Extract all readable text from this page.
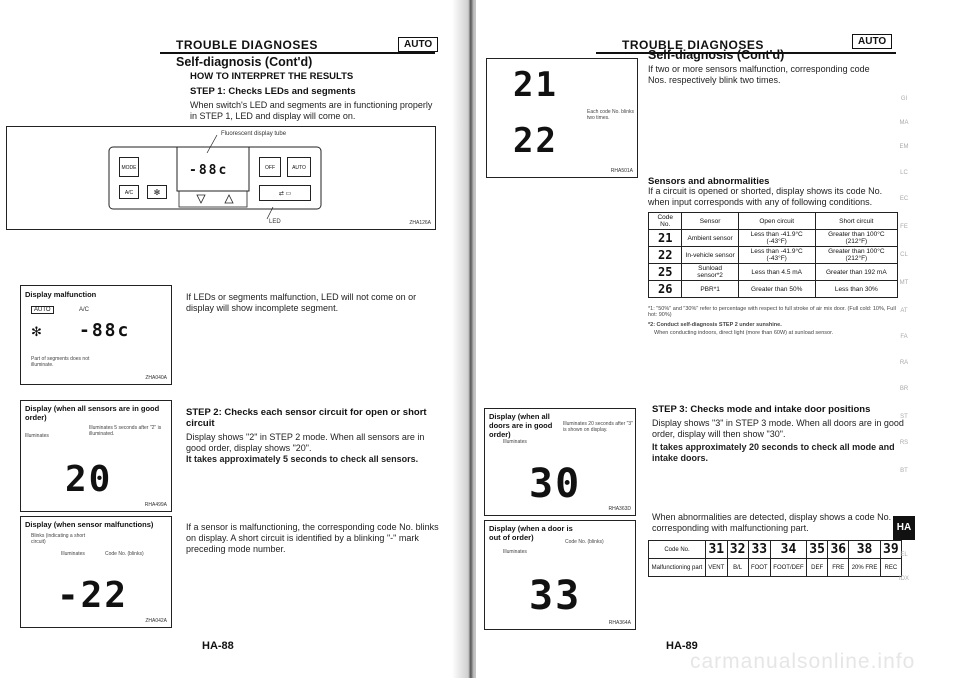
TROUBLE DIAGNOSES	AUTO
Self-diagnosis (Cont'd)
HOW TO INTERPRET THE RESULTS
STEP 1: Checks LEDs and segments
When switch's LED and segments are in functioning properly in STEP 1, LED and display will come on.
Fluorescent display tube
MODE
A/C	✻
-88c	OFF	AUTO
⇄ ▭
LED	ZHA126A
Display malfunction
AUTO	A/C
✻ -88c
Part of segments does not illuminate.
ZHA040A
If LEDs or segments malfunction, LED will not come on or display will show incomplete segment.
Display (when all sensors are in good order)
Illuminates
Illuminates 5 seconds after "2" is illuminated.
20
RHA499A
STEP 2: Checks each sensor circuit for open or short circuit
Display shows "2" in STEP 2 mode. When all sensors are in good order, display shows "20".
It takes approximately 5 seconds to check all sensors.
Display (when sensor malfunctions)
Blinks (indicating a short circuit)
Illuminates	Code No. (blinks)
-22
ZHA042A
If a sensor is malfunctioning, the corresponding code No. blinks on display. A short circuit is identified by a blinking "-" mark preceding mode number.
HA-88
TROUBLE DIAGNOSES	AUTO
21
22
Each code No. blinks two times.
RHA501A
Self-diagnosis (Cont'd)
If two or more sensors malfunction, corresponding code Nos. respectively blink two times.
Sensors and abnormalities
If a circuit is opened or shorted, display shows its code No. when input corresponds with any of following conditions.
Code No.	Sensor	Open circuit	Short circuit
21	Ambient sensor	Less than -41.9°C (-43°F)	Greater than 100°C (212°F)
22	In-vehicle sensor	Less than -41.9°C (-43°F)	Greater than 100°C (212°F)
25	Sunload sensor*2	Less than 4.5 mA	Greater than 192 mA
26	PBR*1	Greater than 50%	Less than 30%
*1: "50%" and "30%" refer to percentage with respect to full stroke of air mix door. (Full cold: 10%, Full hot: 90%)
*2: Conduct self-diagnosis STEP 2 under sunshine.
When conducting indoors, direct light (more than 60W) at sunload sensor.
Display (when all doors are in good order)
Illuminates 20 seconds after "3" is shown on display.
Illuminates
30
RHA363D
Display (when a door is out of order)
Illuminates
Code No. (blinks)
33
RHA364A
STEP 3: Checks mode and intake door positions
Display shows "3" in STEP 3 mode. When all doors are in good order, display will then show "30".
It takes approximately 20 seconds to check all mode and intake doors.
When abnormalities are detected, display shows a code No. corresponding with malfunctioning part.
Code No.	31	32	33	34	35	36	38	39
Malfunctioning part	VENT	B/L	FOOT	FOOT/DEF	DEF	FRE	20% FRE	REC
HA-89
GI
MA
EM
LC
EC
FE
CL
MT
AT
FA
RA
BR
ST
RS
BT
HA
EL
IDX
carmanualsonline.info
